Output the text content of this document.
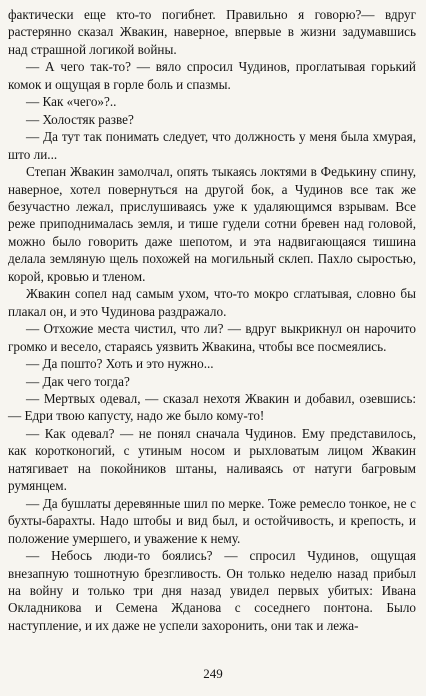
фактически еще кто-то погибнет. Правильно я говорю?— вдруг растерянно сказал Жвакин, наверное, впервые в жизни задумавшись над страшной логикой войны.

— А чего так-то? — вяло спросил Чудинов, проглатывая горький комок и ощущая в горле боль и спазмы.

— Как «чего»?..

— Холостяк разве?

— Да тут так понимать следует, что должность у меня была хмурая, што ли...

Степан Жвакин замолчал, опять тыкаясь локтями в Федькину спину, наверное, хотел повернуться на другой бок, а Чудинов все так же безучастно лежал, прислушиваясь уже к удаляющимся взрывам. Все реже приподнималась земля, и тише гудели сотни бревен над головой, можно было говорить даже шепотом, и эта надвигающаяся тишина делала земляную щель похожей на могильный склеп. Пахло сыростью, корой, кровью и тленом.

Жвакин сопел над самым ухом, что-то мокро сглатывая, словно бы плакал он, и это Чудинова раздражало.

— Отхожие места чистил, что ли? — вдруг выкрикнул он нарочито громко и весело, стараясь уязвить Жвакина, чтобы все посмеялись.

— Да пошто? Хоть и это нужно...

— Дак чего тогда?

— Мертвых одевал, — сказал нехотя Жвакин и добавил, озевшись: — Едри твою капусту, надо же было кому-то!

— Как одевал? — не понял сначала Чудинов. Ему представилось, как коротконогий, с утиным носом и рыхловатым лицом Жвакин натягивает на покойников штаны, наливаясь от натуги багровым румянцем.

— Да бушлаты деревянные шил по мерке. Тоже ремесло тонкое, не с бухты-барахты. Надо штобы и вид был, и остойчивость, и крепость, и положение умершего, и уважение к нему.

— Небось люди-то боялись? — спросил Чудинов, ощущая внезапную тошнотную брезгливость. Он только неделю назад прибыл на войну и только три дня назад увидел первых убитых: Ивана Окладникова и Семена Жданова с соседнего понтона. Было наступление, и их даже не успели захоронить, они так и лежа-

249
